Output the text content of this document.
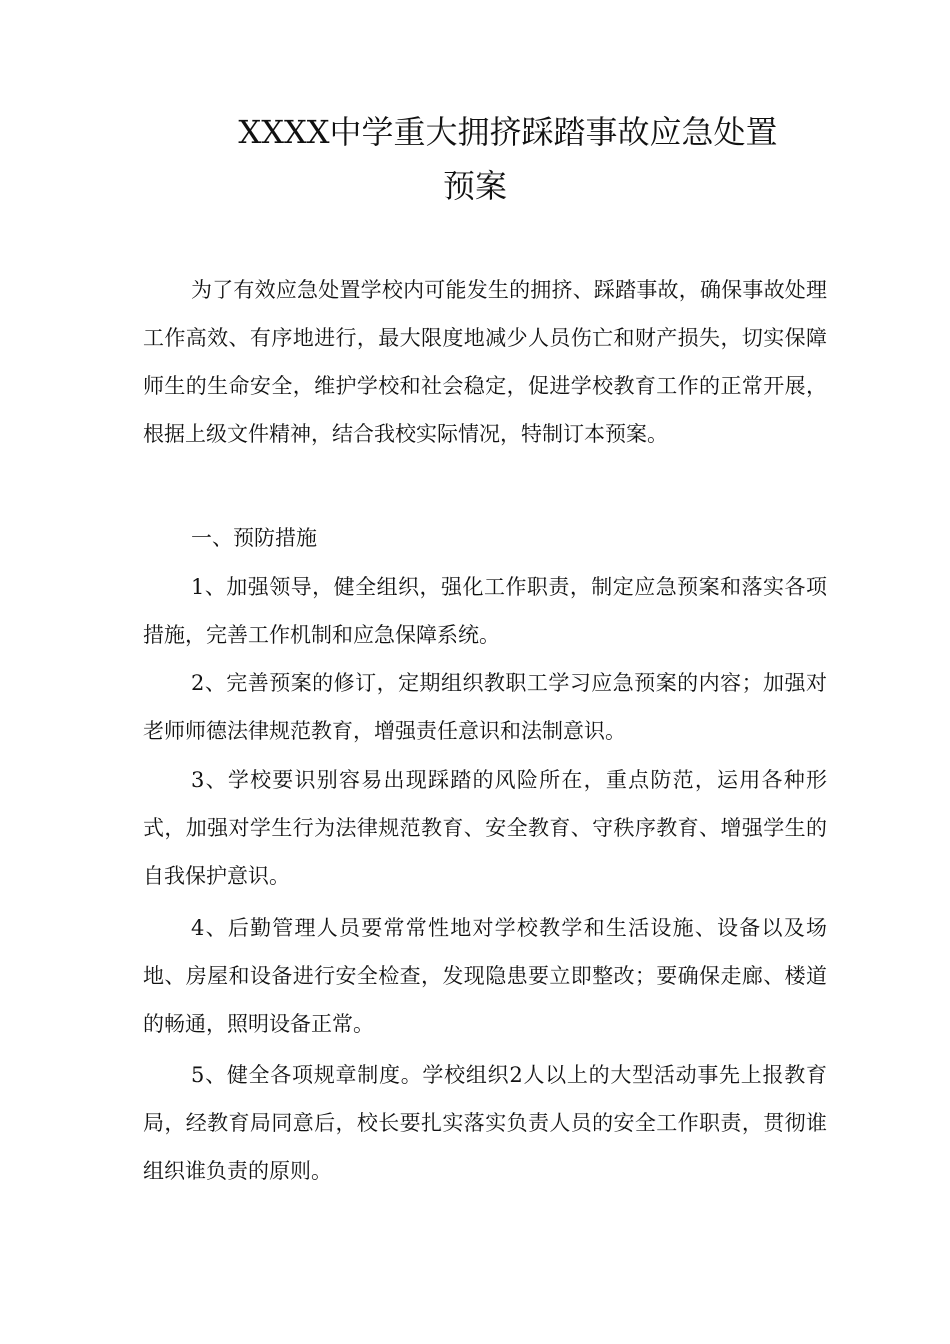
XXXX中学重大拥挤踩踏事故应急处置
预案

为了有效应急处置学校内可能发生的拥挤、踩踏事故，确保事故处理工作高效、有序地进行，最大限度地减少人员伤亡和财产损失，切实保障师生的生命安全，维护学校和社会稳定，促进学校教育工作的正常开展，根据上级文件精神，结合我校实际情况，特制订本预案。

一、预防措施

1、加强领导，健全组织，强化工作职责，制定应急预案和落实各项措施，完善工作机制和应急保障系统。

2、完善预案的修订，定期组织教职工学习应急预案的内容；加强对老师师德法律规范教育，增强责任意识和法制意识。

3、学校要识别容易出现踩踏的风险所在，重点防范，运用各种形式，加强对学生行为法律规范教育、安全教育、守秩序教育、增强学生的自我保护意识。

4、后勤管理人员要常常性地对学校教学和生活设施、设备以及场地、房屋和设备进行安全检查，发现隐患要立即整改；要确保走廊、楼道的畅通，照明设备正常。

5、健全各项规章制度。学校组织2人以上的大型活动事先上报教育局，经教育局同意后，校长要扎实落实负责人员的安全工作职责，贯彻谁组织谁负责的原则。
